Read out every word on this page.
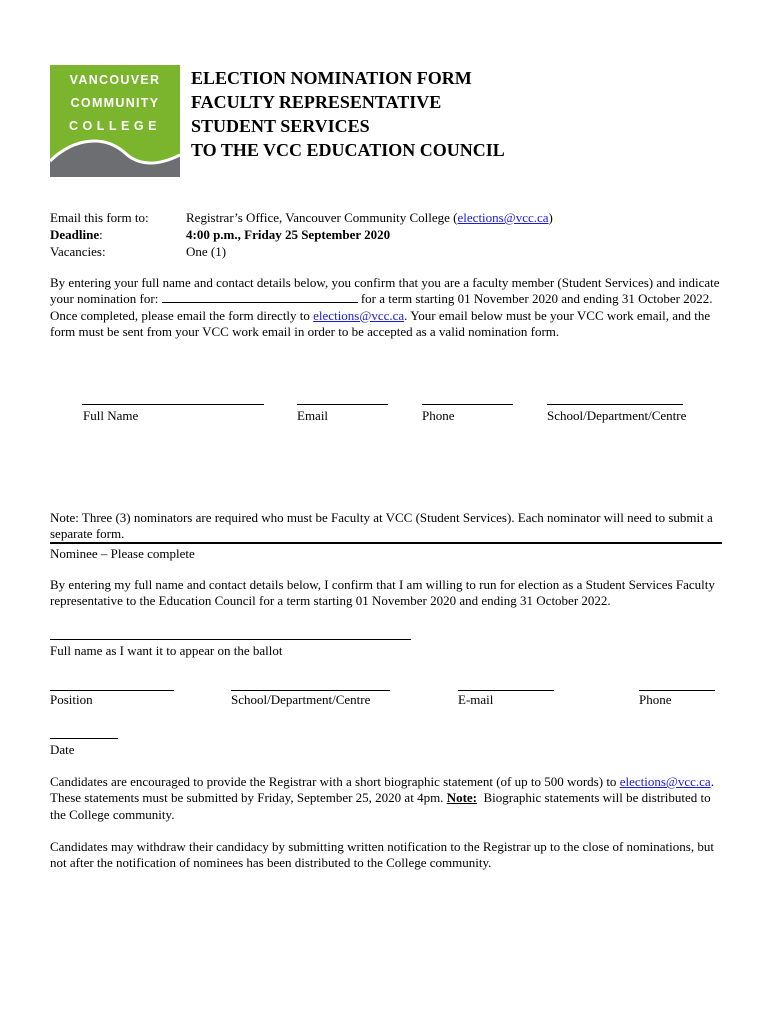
VANCOUVER
COMMUNITY
COLLEGE
ELECTION NOMINATION FORM
FACULTY REPRESENTATIVE
STUDENT SERVICES
TO THE VCC EDUCATION COUNCIL
Email this form to:	Registrar’s Office, Vancouver Community College (elections@vcc.ca)
Deadline:	4:00 p.m., Friday 25 September 2020
Vacancies:	One (1)
By entering your full name and contact details below, you confirm that you are a faculty member (Student Services) and indicate your nomination for:	for a term starting 01 November 2020 and ending 31 October 2022. Once completed, please email the form directly to elections@vcc.ca. Your email below must be your VCC work email, and the form must be sent from your VCC work email in order to be accepted as a valid nomination form.
Full Name	Email	Phone	School/Department/Centre
Note: Three (3) nominators are required who must be Faculty at VCC (Student Services). Each nominator will need to submit a separate form.
Nominee – Please complete
By entering my full name and contact details below, I confirm that I am willing to run for election as a Student Services Faculty representative to the Education Council for a term starting 01 November 2020 and ending 31 October 2022.
Full name as I want it to appear on the ballot
Position	School/Department/Centre	E-mail	Phone
Date
Candidates are encouraged to provide the Registrar with a short biographic statement (of up to 500 words) to elections@vcc.ca. These statements must be submitted by Friday, September 25, 2020 at 4pm. Note: Biographic statements will be distributed to the College community.
Candidates may withdraw their candidacy by submitting written notification to the Registrar up to the close of nominations, but not after the notification of nominees has been distributed to the College community.
